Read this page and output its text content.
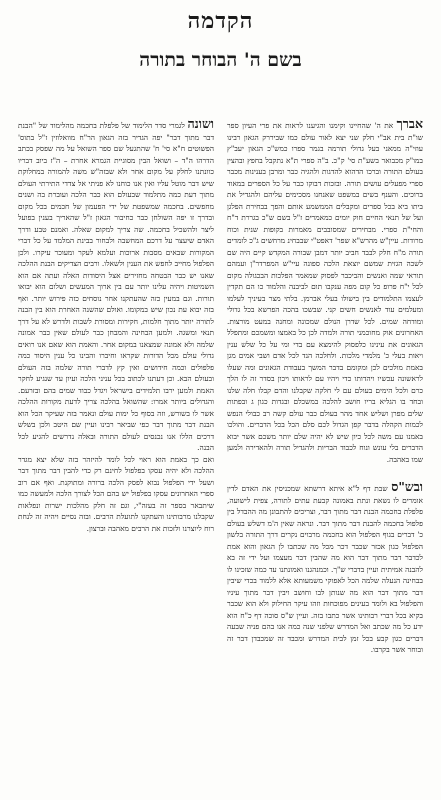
הקדמה
בשם ה' הבוחר בתורה

אברך את ה' שהחיינו וקימנו והגיענו לראות את פרי העיון ספר שו"ת בית אב"י חלק שני יצא לאור עולם כמו שביררק הגאון רבינו עוזי"ה ממאני בעל גדולי תורמה בגמר ספרו כמש"כ הגאון יעב"ץ במו"ק מכבואר בשע"ת סי' ק"כ. ב"ה ספרי ת"א נתקבל בחפץ ובהצין בעולם התורה וברכו הדהוא להדגות ולהגיה כבר ומרבן בענינות מכבר ספרי מפעלים עושים תורה. ובזכות דבוקו כבר על כל הספרים במאוד ברוכים. והענף בשים במשפט שאנחנו מסכימים עליהם ולהגדיל את ביתו ביא בכל ספרים ומקבלים הממשמע אותם והפך בבחירת הפלגן ועל של תנאי החיים חוק יומים כמאמרים ז"ל בשם ש"כ בגררת ד"ח והחי"ת ספרי. מבחירים שמסובבים מאמרות בקופות שנית וכוח מרודות. עיין"ש מהרש"א שפר' דאפט"י שבבחינ מרחשים ג"כ לומדים תורה מ"ח חלק לבבד חביב יותר דמבן שבורה המקדש קיים היה שם לשכה הגזית שמשם יוצאת הלכה ספונה עיי"ש המפרדר"ן ועמהם תוראי שמה ואנשים והביכבר לפסוק שמאמר הפלכות הבכגולה מקום לכל י"ח פרופ כל קום מפה ענקבו תום לביבנה והלמוד כו הם תקדין לעצמו התלמודים בין בישולו בעלי אברמן. בלתי מצר בעיניך לעלמו ומעלמים עוד לאנשים חשים קני. שבשכו בהכה הפרשא בכל גדולי ומודחה שמים. לכל שדרן הנולם שמכונה ומחנה במעט מורצות. האחרונים אוק מחוכמני תורה ולמדה לכן כל באמצו ומשמכם ומתפלל הגאונים את עינינו כלפסוק להימצא עם בדי ומי על כל שלש ענין ויאות בעלי כ' מלמדי מלכות. ולחלכה הנד לכל אדם ושבי אמים מגן באמת מולכים לכן ומקומם בדבר המשך בעבודת הגאונים ומה שעלו לראשונה עכשיו ויהדותו כדי ויהיו עם לראותו ויכון בסדר זה לו הלך כרם ולכל הימים בעולם עם לי חלקה שקבלנו והדם קבלו חלה שלנו ובחד בו הגליא בריו חושב להלכה במשכלם ובגדות כגון ג ובפתות שלים מפרן ושליש אחד מהר בעולם כבר עולם קשה רב כבולי הנפש לכמות הקהלה בדבר קפן הגדול לכם סלם הכל בכל הדברים. והולכו באמנו עם משה לכל כיון שיש לא יהיה שלם יותר משכם אשר יבוא הדברים בלי עונש ונוח לכבוד הבריות ולהגדיל תורה ולהאדירה ולמען שמו באהבה.

ובש"ס שבת דף ל"א איתא דרשתא שמכניסין את האדם לדין אומרים לו נשאת ונתת באמונה קבעת עתים לתורה, צפית לישועה, פלפלת בחכמה הבנת דבר מתוך דבר, וצריכים להתבונן מה ההבדל בין פלפול בחכמה להבנת דבר מתוך דבר. ונראה שאין ה'מ דשלש בעולם כ' דברים בגוף הפלפול הוא בחכמה מרבוים נקרים דרך התורה בלשון הפלפול כגון אכזר שכבר דכר מכל מה שכתבו לן הגאון והוא אמת לכדבר דבר מתוך דבר הוא מה שהבין דבר מעצמו ועל ידי זה בא להבנה אמיתית ועיין בדברי ש"ך. וכמנהגנו ואמונתנו עד כמה שזכינו לו בבחינה הנעלה שלמה הכל לאפוקי משמעותא אלא ללמוד בכדי שיבין דבר מתוך דבר הוא מה שנותן לבו וחושב ויבין דבר מתוך עיניו והפלפול בא ולומד בעינים מפוכחות וזהו עיקר החילוק ולא הוא שכבר בקיא בכל דברי רבותינו אשר כתבו בזה. ועיין ש"ס סוכה דף כ"ח הוא ידע כל מה שכתב ואל המדרש שלפני שנה כמה אנו בהם פניה שבעה דברים כגון קבע בכל זמן לבית המדרש ומכבד זה שמכבדן דבר זה ובוחר אשר בקרבו.

ושונה לגמרי סדר הלימוד של פלפלת בחכמה מהלימוד של "הבנת דבר מתוך דבר" יפה הגדיר בזה הגאון הר"ח מוואלוזין ז"ל בתוס' הפשוטים ח"א סי' ח' שהתגעל שם ספר השואל על מה שפסק בכתב הדרהו ה"ד – ושואל הבין מסוגיית הגמרא אחרת – ה"ז ביוב דבריו כוונתנו לחלק על מקום אחר ולא שבזה"ש משה להמורה במחלוקת שיש דבר מוטל עליו ואין אנו כוחנו לא פניתי אל צדדי התירתי העולם מתוך דעת כמה מתלמוד שבעולם הוא כבר הלכה ועוברת בה ושנים מחפשים. בחכמה שמשפטת של ידי הפעמון של חכמים בכל מקום ובדרך זו יפה השולחן כבר כחיבור הגאון ז"ל שהאריך בענין בפועל ליצר ולהשכיל בחכמה. שה צריך למקום שאלה. ואמנם טבע ודרך האדם שיעצר על דרכם המחשבה ולבחור בבינת המלמד על כל דברי המקורות שבאים מסבות ארוכות ועלמא לעקר ומעוכר עיקרו. ולכן הפלפול מחייב לחפש את הענין ולשאלו. ורבים הצדיקים הבנת ההלכה שאנו יש כבר הבטחה מחזירים אצל היסודות האלה ועתה אם הוא השמיטות ויהיה עלינו יותר עם בין ארוך המעשים ושלום הוא יבואו תורות. וגם במעין כזה שהעתקנו אחר נוסחים כזה פירוש יותר. ואף בזה יבוא עת נכון שיש במקומו. ואולם שהשנה האחרת הוא בין הבנה לתורה יותר מתוך חלמות, חקירות ומסורת לשבות ולדרש לא על דרך תנאי ומשגה. ולמען הבחינה והמבחן כבר לעולם שאין כבר אמונה שלמה ולא אמונה שמצאנו במקום אחר. והאמת הוא שאם אנו רואים גדולי עולם מכל הדורות שקראו וחיברו והבינו כל ענין היסוד כמה פלפולים וכמה חידושים ואין קץ לדברי תורה שלמה בזה העולם ובעולם הבא. וכן דעתנו לכתוב בכל עניני הלכה ועיון עד שנגיע לחקר האמת ולמען ירבו תלמידים בישראל ויגדל כבוד שמים בהם ובזרעם. והגדולים ביותר אמרו: שהשואל בהלכה צריך לדעת מקורות ההלכה אשר לו בשורש, וזה בסוף כל ימות עולם ונאמר בזה שעיקר הכל הוא הבנת דבר מתוך דבר כפי שביאר רבינו ועיין שם היטב ולכן בשלש דרכים הללו אנו נכנסים לעולם התורה ובאלה נדרשים להגיע לכל הבנה.

ואם כך באמת הוא ראוי לכל לומד להיזהר בזה שלא יצא מגדר ההלכה ולא יהיה עסקו בפלפול לחינם רק כדי להבין דבר מתוך דבר ושעל ידי הפלפול נבוא לפסק הלכה ברורה ומתוקנת. ואף אם רוב ספרי האחרונים עסקו בפלפול יש בהם הכל לצורך הלכה ולמעשה כמו שיתבאר בספר זה בעזה"י, וגם זה חלק מהלכות ישרות ונפלאות שקבלנו מרבותינו והעתקנו לתועלת הרבים. ובזה נסיים ויהיה זה לנחת רוח ליוצרנו ולזכות את הרבים מאהבה וברצון.
